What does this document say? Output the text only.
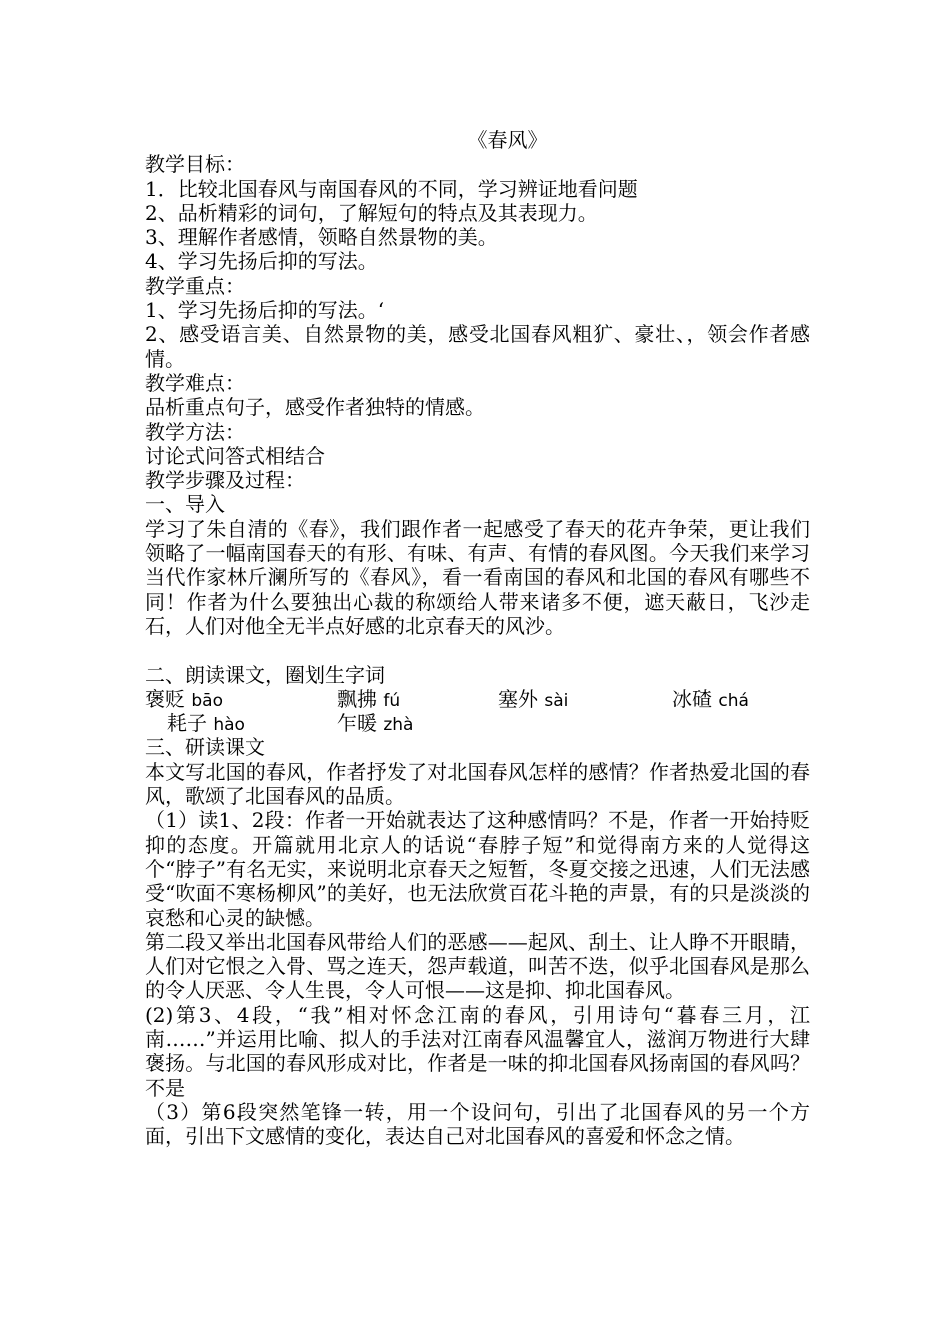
《春风》
教学目标：
1．比较北国春风与南国春风的不同，学习辨证地看问题
2、品析精彩的词句，了解短句的特点及其表现力。
3、理解作者感情，领略自然景物的美。
4、学习先扬后抑的写法。
教学重点：
1、学习先扬后抑的写法。‘
2、感受语言美、自然景物的美，感受北国春风粗犷、豪壮、，领会作者感情。
教学难点：
品析重点句子，感受作者独特的情感。
教学方法：
讨论式问答式相结合
教学步骤及过程：
一、导入
学习了朱自清的《春》，我们跟作者一起感受了春天的花卉争荣，更让我们领略了一幅南国春天的有形、有味、有声、有情的春风图。今天我们来学习当代作家林斤澜所写的《春风》，看一看南国的春风和北国的春风有哪些不同！作者为什么要独出心裁的称颂给人带来诸多不便，遮天蔽日，飞沙走石，人们对他全无半点好感的北京春天的风沙。
二、朗读课文，圈划生字词
褒贬 bāo	飘拂 fú	塞外 sài	冰碴 chá
耗子 hào	乍暖 zhà
三、研读课文
本文写北国的春风，作者抒发了对北国春风怎样的感情？作者热爱北国的春风，歌颂了北国春风的品质。
（1）读1、2段：作者一开始就表达了这种感情吗？不是，作者一开始持贬抑的态度。开篇就用北京人的话说“春脖子短”和觉得南方来的人觉得这个“脖子”有名无实，来说明北京春天之短暂，冬夏交接之迅速，人们无法感受“吹面不寒杨柳风”的美好，也无法欣赏百花斗艳的声景，有的只是淡淡的哀愁和心灵的缺憾。
第二段又举出北国春风带给人们的恶感——起风、刮土、让人睁不开眼睛，人们对它恨之入骨、骂之连天，怨声载道，叫苦不迭，似乎北国春风是那么的令人厌恶、令人生畏，令人可恨——这是抑、抑北国春风。
(2)第3、4段，“我”相对怀念江南的春风，引用诗句“暮春三月，江南……”并运用比喻、拟人的手法对江南春风温馨宜人，滋润万物进行大肆褒扬。与北国的春风形成对比，作者是一味的抑北国春风扬南国的春风吗？不是
（3）第6段突然笔锋一转，用一个设问句，引出了北国春风的另一个方面，引出下文感情的变化，表达自己对北国春风的喜爱和怀念之情。
